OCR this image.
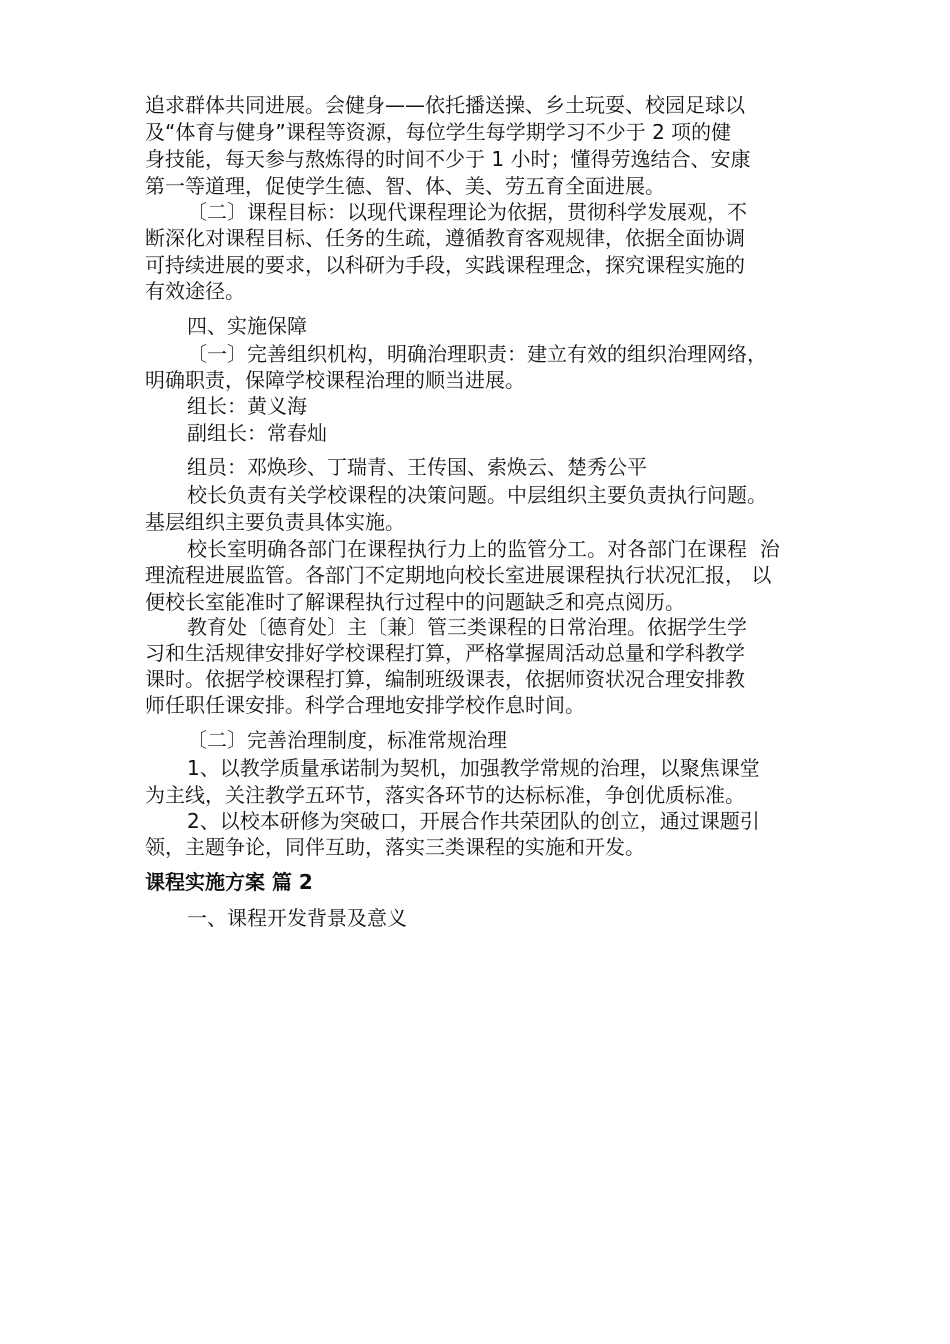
追求群体共同进展。会健身——依托播送操、乡土玩耍、校园足球以
及“体育与健身”课程等资源，每位学生每学期学习不少于 2 项的健
身技能，每天参与熬炼得的时间不少于 1 小时；懂得劳逸结合、安康
第一等道理，促使学生德、智、体、美、劳五育全面进展。
〔二〕课程目标：以现代课程理论为依据，贯彻科学发展观，不
断深化对课程目标、任务的生疏，遵循教育客观规律，依据全面协调
可持续进展的要求，以科研为手段，实践课程理念，探究课程实施的
有效途径。
四、实施保障
〔一〕完善组织机构，明确治理职责：建立有效的组织治理网络，
明确职责，保障学校课程治理的顺当进展。
组长：黄义海
副组长：常春灿
组员：邓焕珍、丁瑞青、王传国、索焕云、楚秀公平
校长负责有关学校课程的决策问题。中层组织主要负责执行问题。
基层组织主要负责具体实施。
校长室明确各部门在课程执行力上的监管分工。对各部门在课程  治
理流程进展监管。各部门不定期地向校长室进展课程执行状况汇报， 以
便校长室能准时了解课程执行过程中的问题缺乏和亮点阅历。
教育处〔德育处〕主〔兼〕管三类课程的日常治理。依据学生学
习和生活规律安排好学校课程打算，严格掌握周活动总量和学科教学
课时。依据学校课程打算，编制班级课表，依据师资状况合理安排教
师任职任课安排。科学合理地安排学校作息时间。
〔二〕完善治理制度，标准常规治理
1、以教学质量承诺制为契机，加强教学常规的治理，以聚焦课堂
为主线，关注教学五环节，落实各环节的达标标准，争创优质标准。
2、以校本研修为突破口，开展合作共荣团队的创立，通过课题引
领，主题争论，同伴互助，落实三类课程的实施和开发。
课程实施方案 篇 2
一、课程开发背景及意义
